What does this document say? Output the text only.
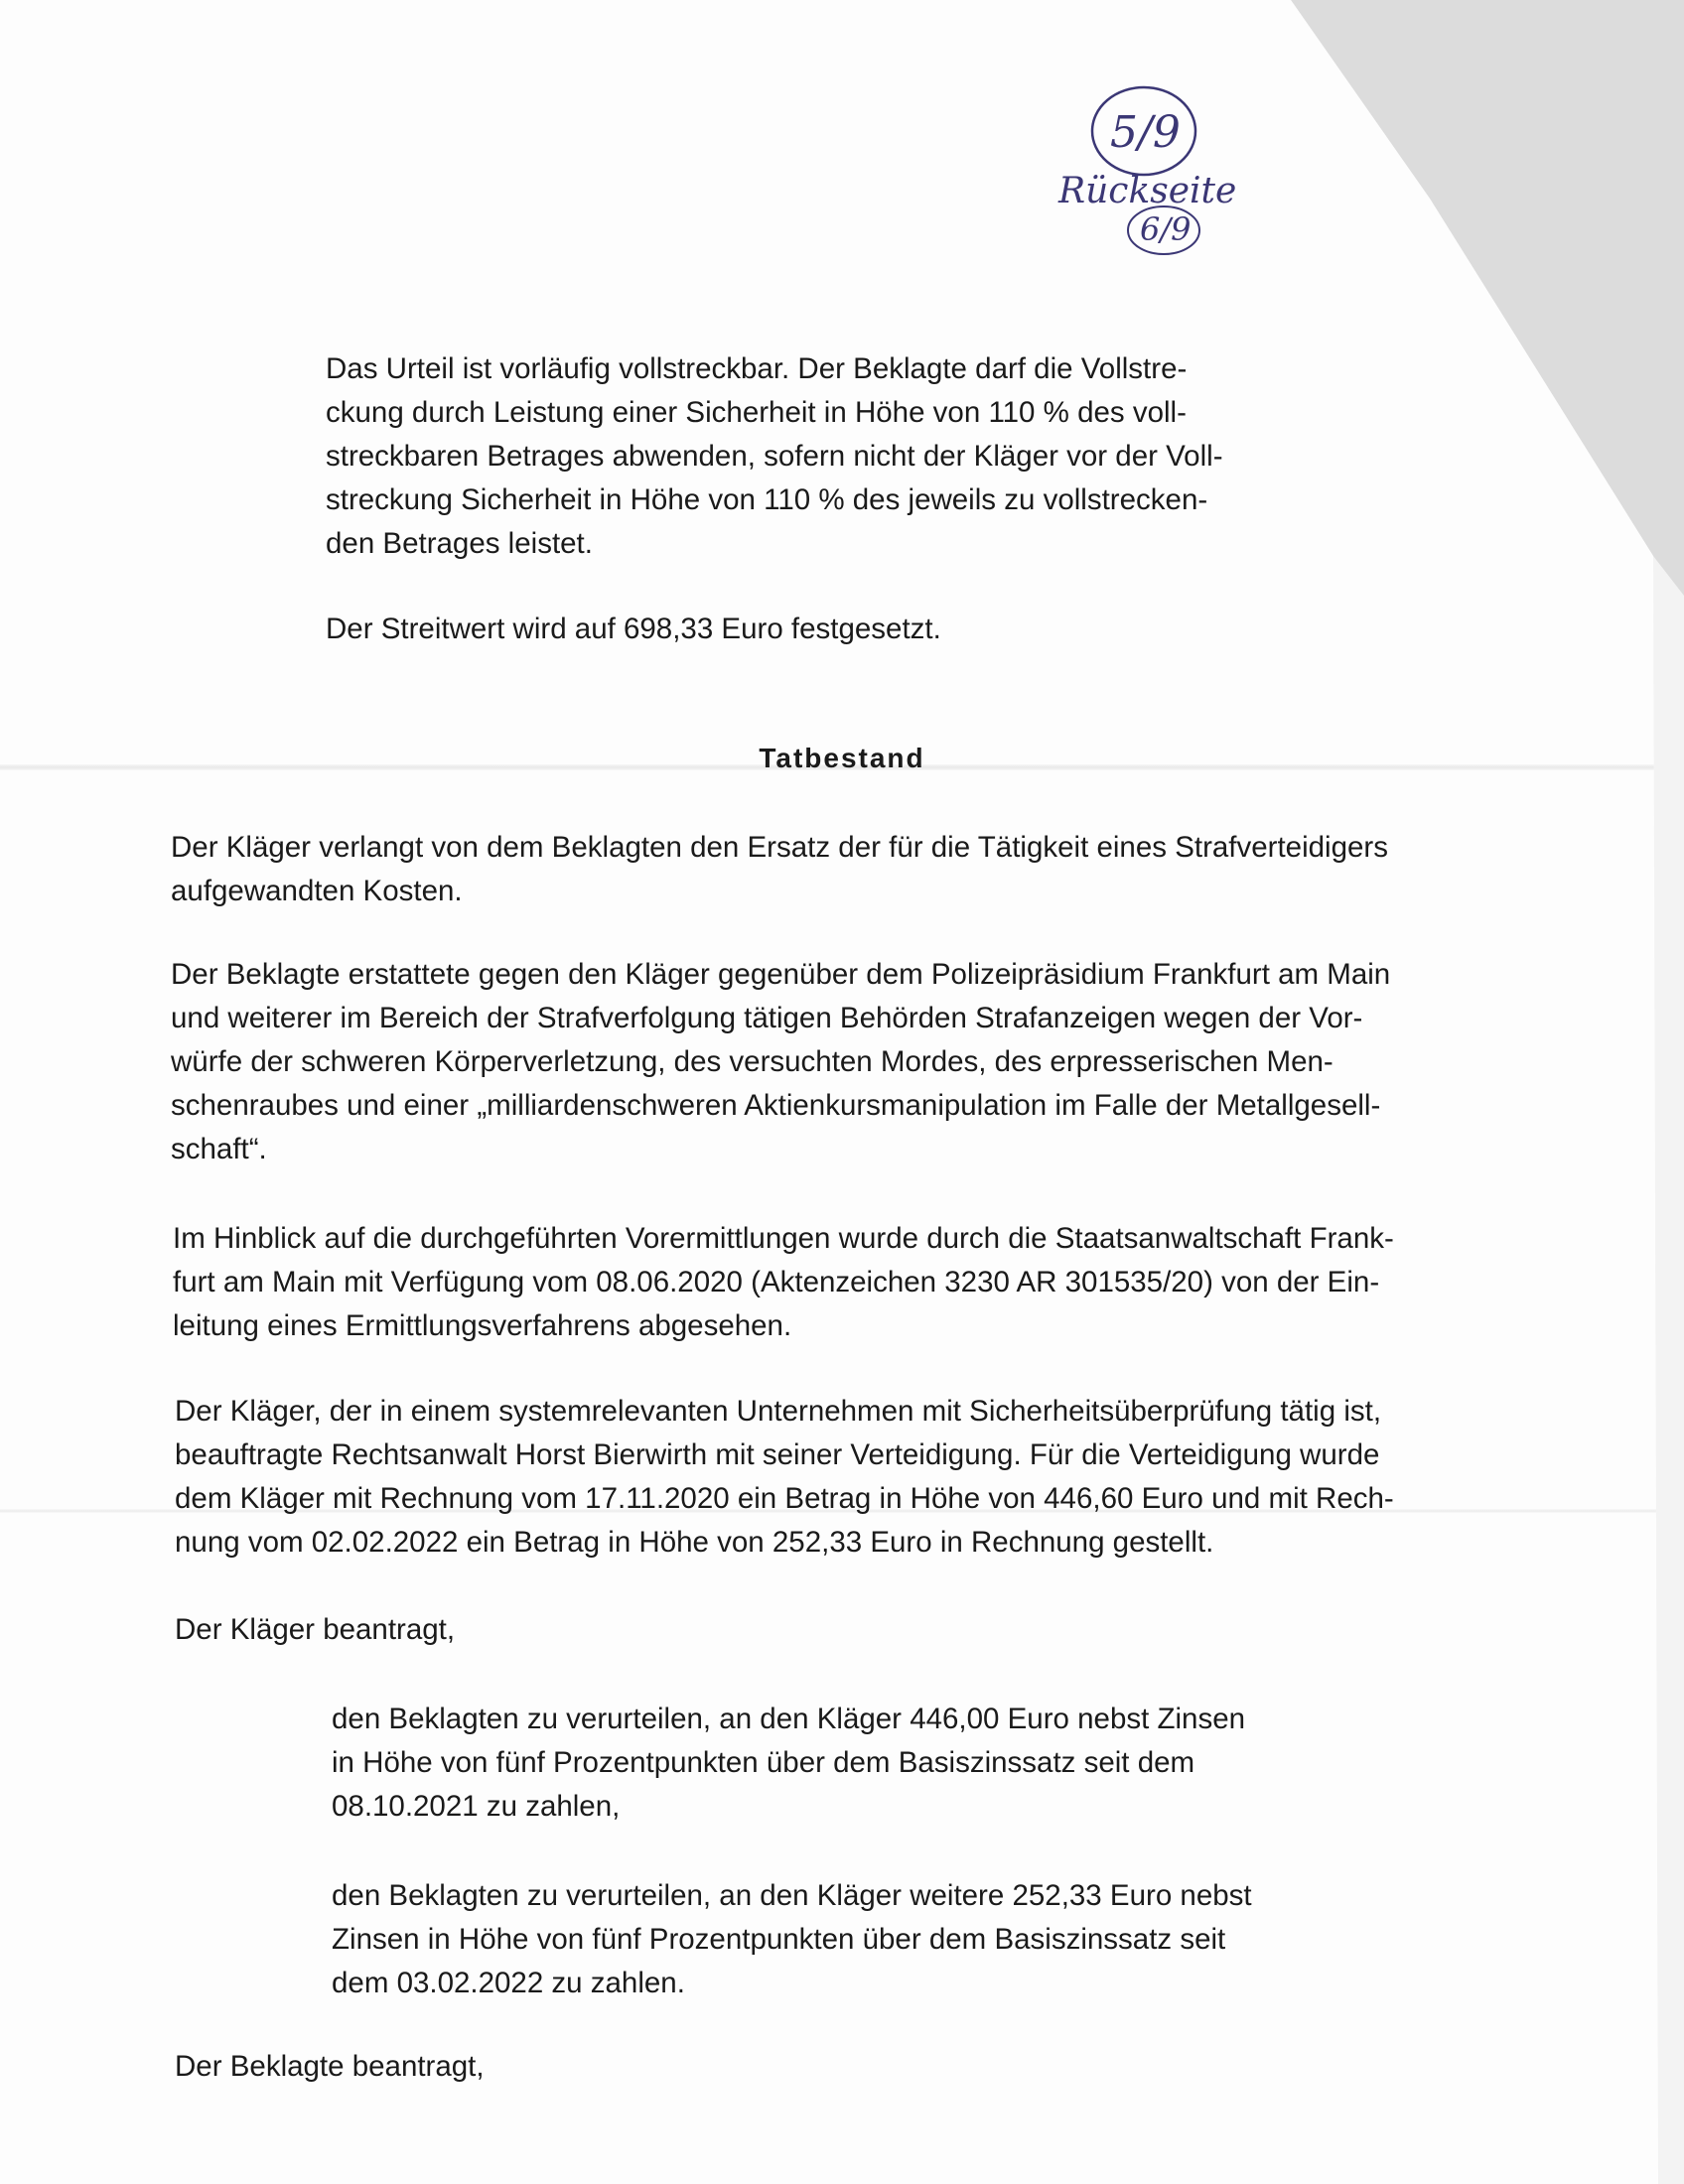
5/9
Rückseite
6/9

Das Urteil ist vorläufig vollstreckbar. Der Beklagte darf die Vollstre-
ckung durch Leistung einer Sicherheit in Höhe von 110 % des voll-
streckbaren Betrages abwenden, sofern nicht der Kläger vor der Voll-
streckung Sicherheit in Höhe von 110 % des jeweils zu vollstrecken-
den Betrages leistet.

Der Streitwert wird auf 698,33 Euro festgesetzt.

Tatbestand

Der Kläger verlangt von dem Beklagten den Ersatz der für die Tätigkeit eines Strafverteidigers
aufgewandten Kosten.

Der Beklagte erstattete gegen den Kläger gegenüber dem Polizeipräsidium Frankfurt am Main
und weiterer im Bereich der Strafverfolgung tätigen Behörden Strafanzeigen wegen der Vor-
würfe der schweren Körperverletzung, des versuchten Mordes, des erpresserischen Men-
schenraubes und einer „milliardenschweren Aktienkursmanipulation im Falle der Metallgesell-
schaft“.

Im Hinblick auf die durchgeführten Vorermittlungen wurde durch die Staatsanwaltschaft Frank-
furt am Main mit Verfügung vom 08.06.2020 (Aktenzeichen 3230 AR 301535/20) von der Ein-
leitung eines Ermittlungsverfahrens abgesehen.

Der Kläger, der in einem systemrelevanten Unternehmen mit Sicherheitsüberprüfung tätig ist,
beauftragte Rechtsanwalt Horst Bierwirth mit seiner Verteidigung. Für die Verteidigung wurde
dem Kläger mit Rechnung vom 17.11.2020 ein Betrag in Höhe von 446,60 Euro und mit Rech-
nung vom 02.02.2022 ein Betrag in Höhe von 252,33 Euro in Rechnung gestellt.

Der Kläger beantragt,

den Beklagten zu verurteilen, an den Kläger 446,00 Euro nebst Zinsen
in Höhe von fünf Prozentpunkten über dem Basiszinssatz seit dem
08.10.2021 zu zahlen,

den Beklagten zu verurteilen, an den Kläger weitere 252,33 Euro nebst
Zinsen in Höhe von fünf Prozentpunkten über dem Basiszinssatz seit
dem 03.02.2022 zu zahlen.

Der Beklagte beantragt,
